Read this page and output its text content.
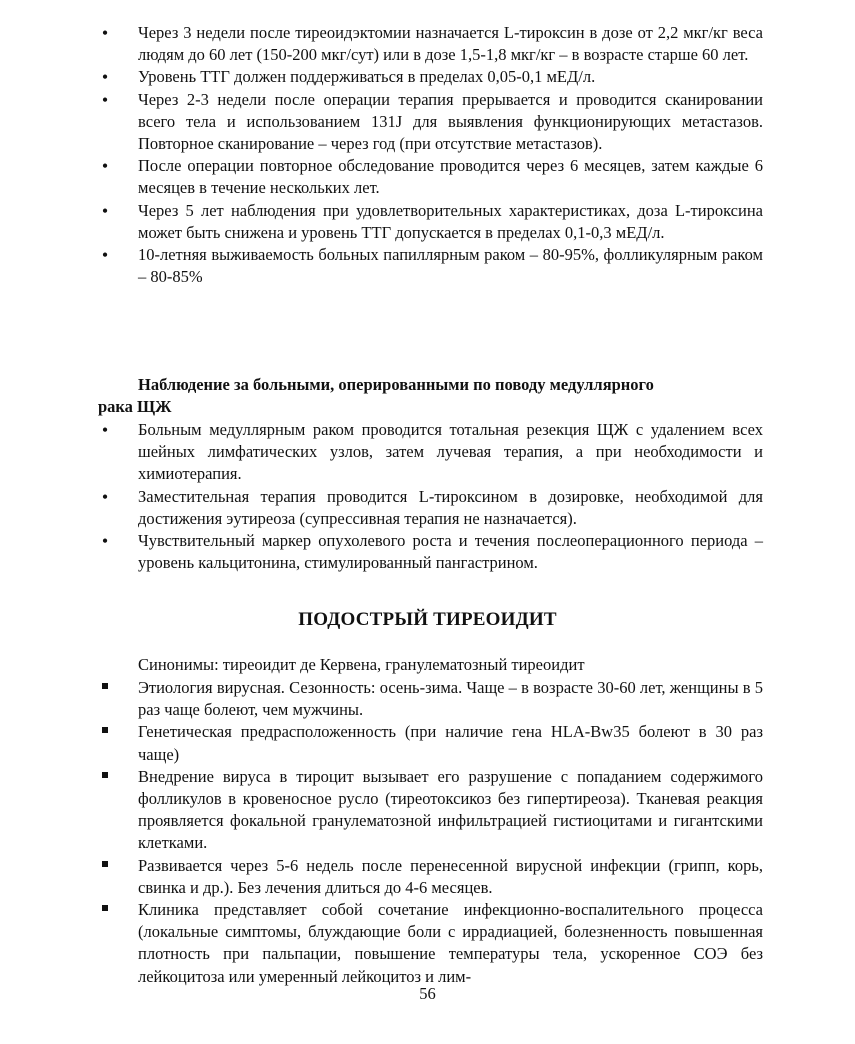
•
Через 3 недели после тиреоидэктомии назначается L-тироксин в дозе от 2,2 мкг/кг веса людям до 60 лет (150-200 мкг/сут) или в дозе 1,5-1,8 мкг/кг – в возрасте старше 60 лет.
•
Уровень ТТГ должен поддерживаться в пределах 0,05-0,1 мЕД/л.
•
Через 2-3 недели после операции терапия прерывается и проводится сканировании всего тела и использованием 131J для выявления функционирующих метастазов. Повторное сканирование – через год (при отсутствие метастазов).
•
После операции повторное обследование проводится через 6 месяцев, затем каждые 6 месяцев в течение нескольких лет.
•
Через 5 лет наблюдения при удовлетворительных характеристиках, доза L-тироксина может быть снижена и уровень ТТГ допускается в пределах 0,1-0,3 мЕД/л.
•
10-летняя выживаемость больных папиллярным раком – 80-95%, фолликулярным раком – 80-85%

Наблюдение за больными, оперированными по поводу медуллярного
рака ЩЖ

•
Больным медуллярным раком проводится тотальная резекция ЩЖ с удалением всех шейных лимфатических узлов, затем лучевая терапия, а при необходимости и химиотерапия.
•
Заместительная терапия проводится L-тироксином в дозировке, необходимой для достижения эутиреоза (супрессивная терапия не назначается).
•
Чувствительный маркер опухолевого роста и течения послеоперационного периода – уровень кальцитонина, стимулированный пангастрином.

ПОДОСТРЫЙ ТИРЕОИДИТ

Синонимы: тиреоидит де Кервена, гранулематозный тиреоидит

Этиология вирусная. Сезонность: осень-зима. Чаще – в возрасте 30-60 лет, женщины в 5 раз чаще болеют, чем мужчины.
Генетическая предрасположенность (при наличие гена HLA-Bw35 болеют в 30 раз чаще)
Внедрение вируса в тироцит вызывает его разрушение с попаданием содержимого фолликулов в кровеносное русло (тиреотоксикоз без гипертиреоза). Тканевая реакция проявляется фокальной гранулематозной инфильтрацией гистиоцитами и гигантскими клетками.
Развивается через 5-6 недель после перенесенной вирусной инфекции (грипп, корь, свинка и др.). Без лечения длиться до 4-6 месяцев.
Клиника представляет собой сочетание инфекционно-воспалительного процесса (локальные симптомы, блуждающие боли с иррадиацией, болезненность повышенная плотность при пальпации, повышение температуры тела, ускоренное СОЭ без лейкоцитоза или умеренный лейкоцитоз и лим-

56
